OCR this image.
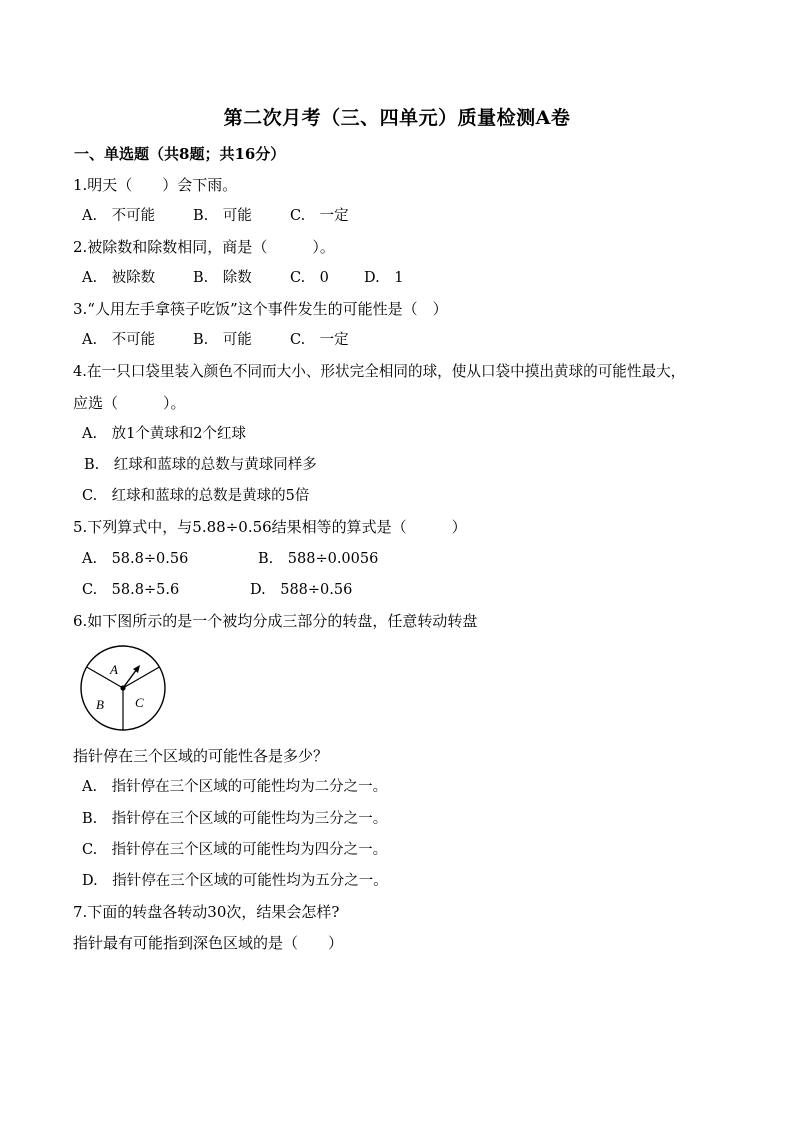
第二次月考（三、四单元）质量检测A卷
一、单选题（共8题；共16分）
1.明天（　　）会下雨。
A.　不可能	B.　可能	C.　一定
2.被除数和除数相同，商是（　　　）。
A.　被除数	B.　除数	C.　0 D.　1
3.“人用左手拿筷子吃饭”这个事件发生的可能性是（　）
A.　不可能	B.　可能	C.　一定
4.在一只口袋里装入颜色不同而大小、形状完全相同的球，使从口袋中摸出黄球的可能性最大，
应选（　　　）。
A.　放1个黄球和2个红球
B.　红球和蓝球的总数与黄球同样多
C.　红球和蓝球的总数是黄球的5倍
5.下列算式中，与5.88÷0.56结果相等的算式是（　　　）
A.　58.8÷0.56	B.　588÷0.0056
C.　58.8÷5.6	D.　588÷0.56
6.如下图所示的是一个被均分成三部分的转盘，任意转动转盘
A
B C
指针停在三个区域的可能性各是多少？
A.　指针停在三个区域的可能性均为二分之一。
B.　指针停在三个区域的可能性均为三分之一。
C.　指针停在三个区域的可能性均为四分之一。
D.　指针停在三个区域的可能性均为五分之一。
7.下面的转盘各转动30次，结果会怎样?
指针最有可能指到深色区域的是（　　）
